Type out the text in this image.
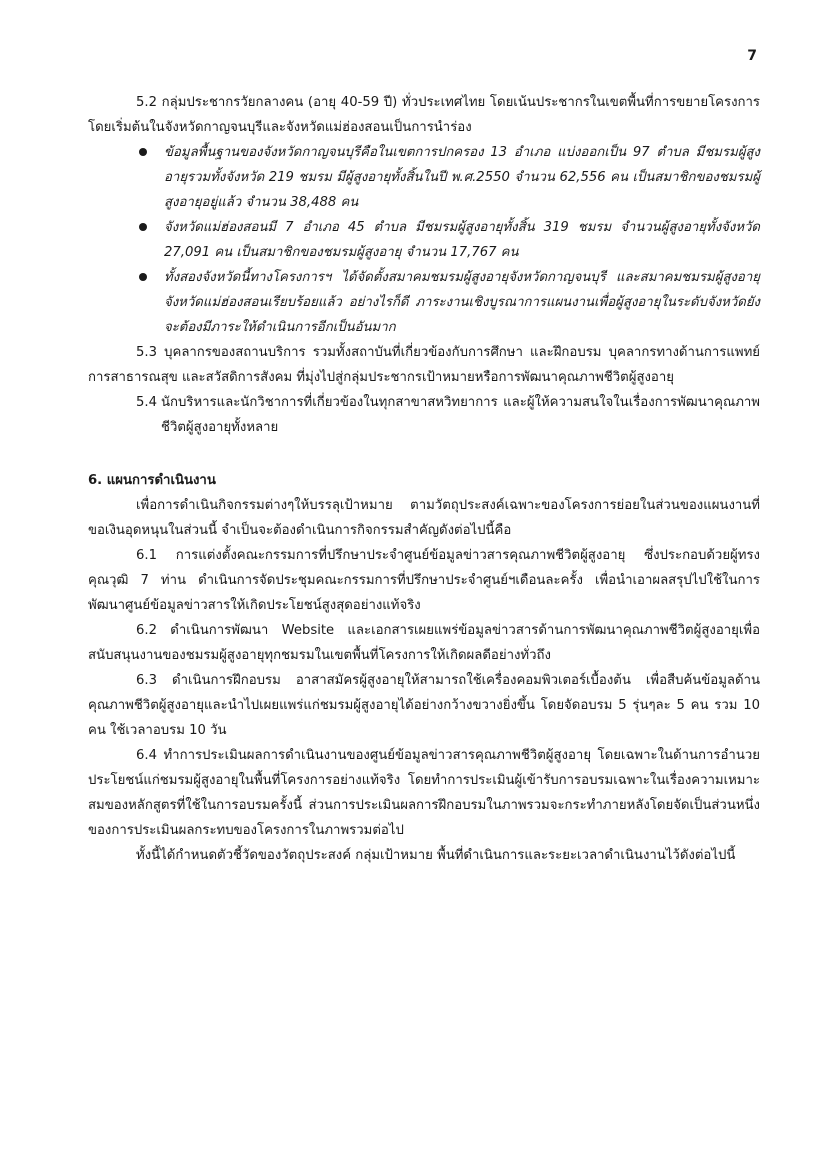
7

5.2 กลุ่มประชากรวัยกลางคน (อายุ 40-59 ปี) ทั่วประเทศไทย โดยเน้นประชากรในเขตพื้นที่การขยายโครงการ โดยเริ่มต้นในจังหวัดกาญจนบุรีและจังหวัดแม่ฮ่องสอนเป็นการนำร่อง

ข้อมูลพื้นฐานของจังหวัดกาญจนบุรีคือในเขตการปกครอง 13 อำเภอ แบ่งออกเป็น 97 ตำบล มีชมรมผู้สูงอายุรวมทั้งจังหวัด 219 ชมรม มีผู้สูงอายุทั้งสิ้นในปี พ.ศ.2550 จำนวน 62,556 คน เป็นสมาชิกของชมรมผู้สูงอายุอยู่แล้ว จำนวน 38,488 คน
จังหวัดแม่ฮ่องสอนมี 7 อำเภอ 45 ตำบล มีชมรมผู้สูงอายุทั้งสิ้น 319 ชมรม จำนวนผู้สูงอายุทั้งจังหวัด 27,091 คน เป็นสมาชิกของชมรมผู้สูงอายุ จำนวน 17,767 คน
ทั้งสองจังหวัดนี้ทางโครงการฯ ได้จัดตั้งสมาคมชมรมผู้สูงอายุจังหวัดกาญจนบุรี และสมาคมชมรมผู้สูงอายุจังหวัดแม่ฮ่องสอนเรียบร้อยแล้ว อย่างไรก็ดี ภาระงานเชิงบูรณาการแผนงานเพื่อผู้สูงอายุในระดับจังหวัดยังจะต้องมีภาระให้ดำเนินการอีกเป็นอันมาก

5.3 บุคลากรของสถานบริการ รวมทั้งสถาบันที่เกี่ยวข้องกับการศึกษา และฝึกอบรม บุคลากรทางด้านการแพทย์ การสาธารณสุข และสวัสดิการสังคม ที่มุ่งไปสู่กลุ่มประชากรเป้าหมายหรือการพัฒนาคุณภาพชีวิตผู้สูงอายุ

5.4 นักบริหารและนักวิชาการที่เกี่ยวข้องในทุกสาขาสหวิทยาการ และผู้ให้ความสนใจในเรื่องการพัฒนาคุณภาพชีวิตผู้สูงอายุทั้งหลาย

6. แผนการดำเนินงาน

เพื่อการดำเนินกิจกรรมต่างๆให้บรรลุเป้าหมาย ตามวัตถุประสงค์เฉพาะของโครงการย่อยในส่วนของแผนงานที่ขอเงินอุดหนุนในส่วนนี้ จำเป็นจะต้องดำเนินการกิจกรรมสำคัญดังต่อไปนี้คือ

6.1 การแต่งตั้งคณะกรรมการที่ปรึกษาประจำศูนย์ข้อมูลข่าวสารคุณภาพชีวิตผู้สูงอายุ ซึ่งประกอบด้วยผู้ทรงคุณวุฒิ 7 ท่าน ดำเนินการจัดประชุมคณะกรรมการที่ปรึกษาประจำศูนย์ฯเดือนละครั้ง เพื่อนำเอาผลสรุปไปใช้ในการพัฒนาศูนย์ข้อมูลข่าวสารให้เกิดประโยชน์สูงสุดอย่างแท้จริง

6.2 ดำเนินการพัฒนา Website และเอกสารเผยแพร่ข้อมูลข่าวสารด้านการพัฒนาคุณภาพชีวิตผู้สูงอายุเพื่อสนับสนุนงานของชมรมผู้สูงอายุทุกชมรมในเขตพื้นที่โครงการให้เกิดผลดีอย่างทั่วถึง

6.3 ดำเนินการฝึกอบรม อาสาสมัครผู้สูงอายุให้สามารถใช้เครื่องคอมพิวเตอร์เบื้องต้น เพื่อสืบค้นข้อมูลด้านคุณภาพชีวิตผู้สูงอายุและนำไปเผยแพร่แก่ชมรมผู้สูงอายุได้อย่างกว้างขวางยิ่งขึ้น โดยจัดอบรม 5 รุ่นๆละ 5 คน รวม 10 คน ใช้เวลาอบรม 10 วัน

6.4 ทำการประเมินผลการดำเนินงานของศูนย์ข้อมูลข่าวสารคุณภาพชีวิตผู้สูงอายุ โดยเฉพาะในด้านการอำนวยประโยชน์แก่ชมรมผู้สูงอายุในพื้นที่โครงการอย่างแท้จริง โดยทำการประเมินผู้เข้ารับการอบรมเฉพาะในเรื่องความเหมาะสมของหลักสูตรที่ใช้ในการอบรมครั้งนี้ ส่วนการประเมินผลการฝึกอบรมในภาพรวมจะกระทำภายหลังโดยจัดเป็นส่วนหนึ่งของการประเมินผลกระทบของโครงการในภาพรวมต่อไป

ทั้งนี้ได้กำหนดตัวชี้วัดของวัตถุประสงค์ กลุ่มเป้าหมาย พื้นที่ดำเนินการและระยะเวลาดำเนินงานไว้ดังต่อไปนี้
